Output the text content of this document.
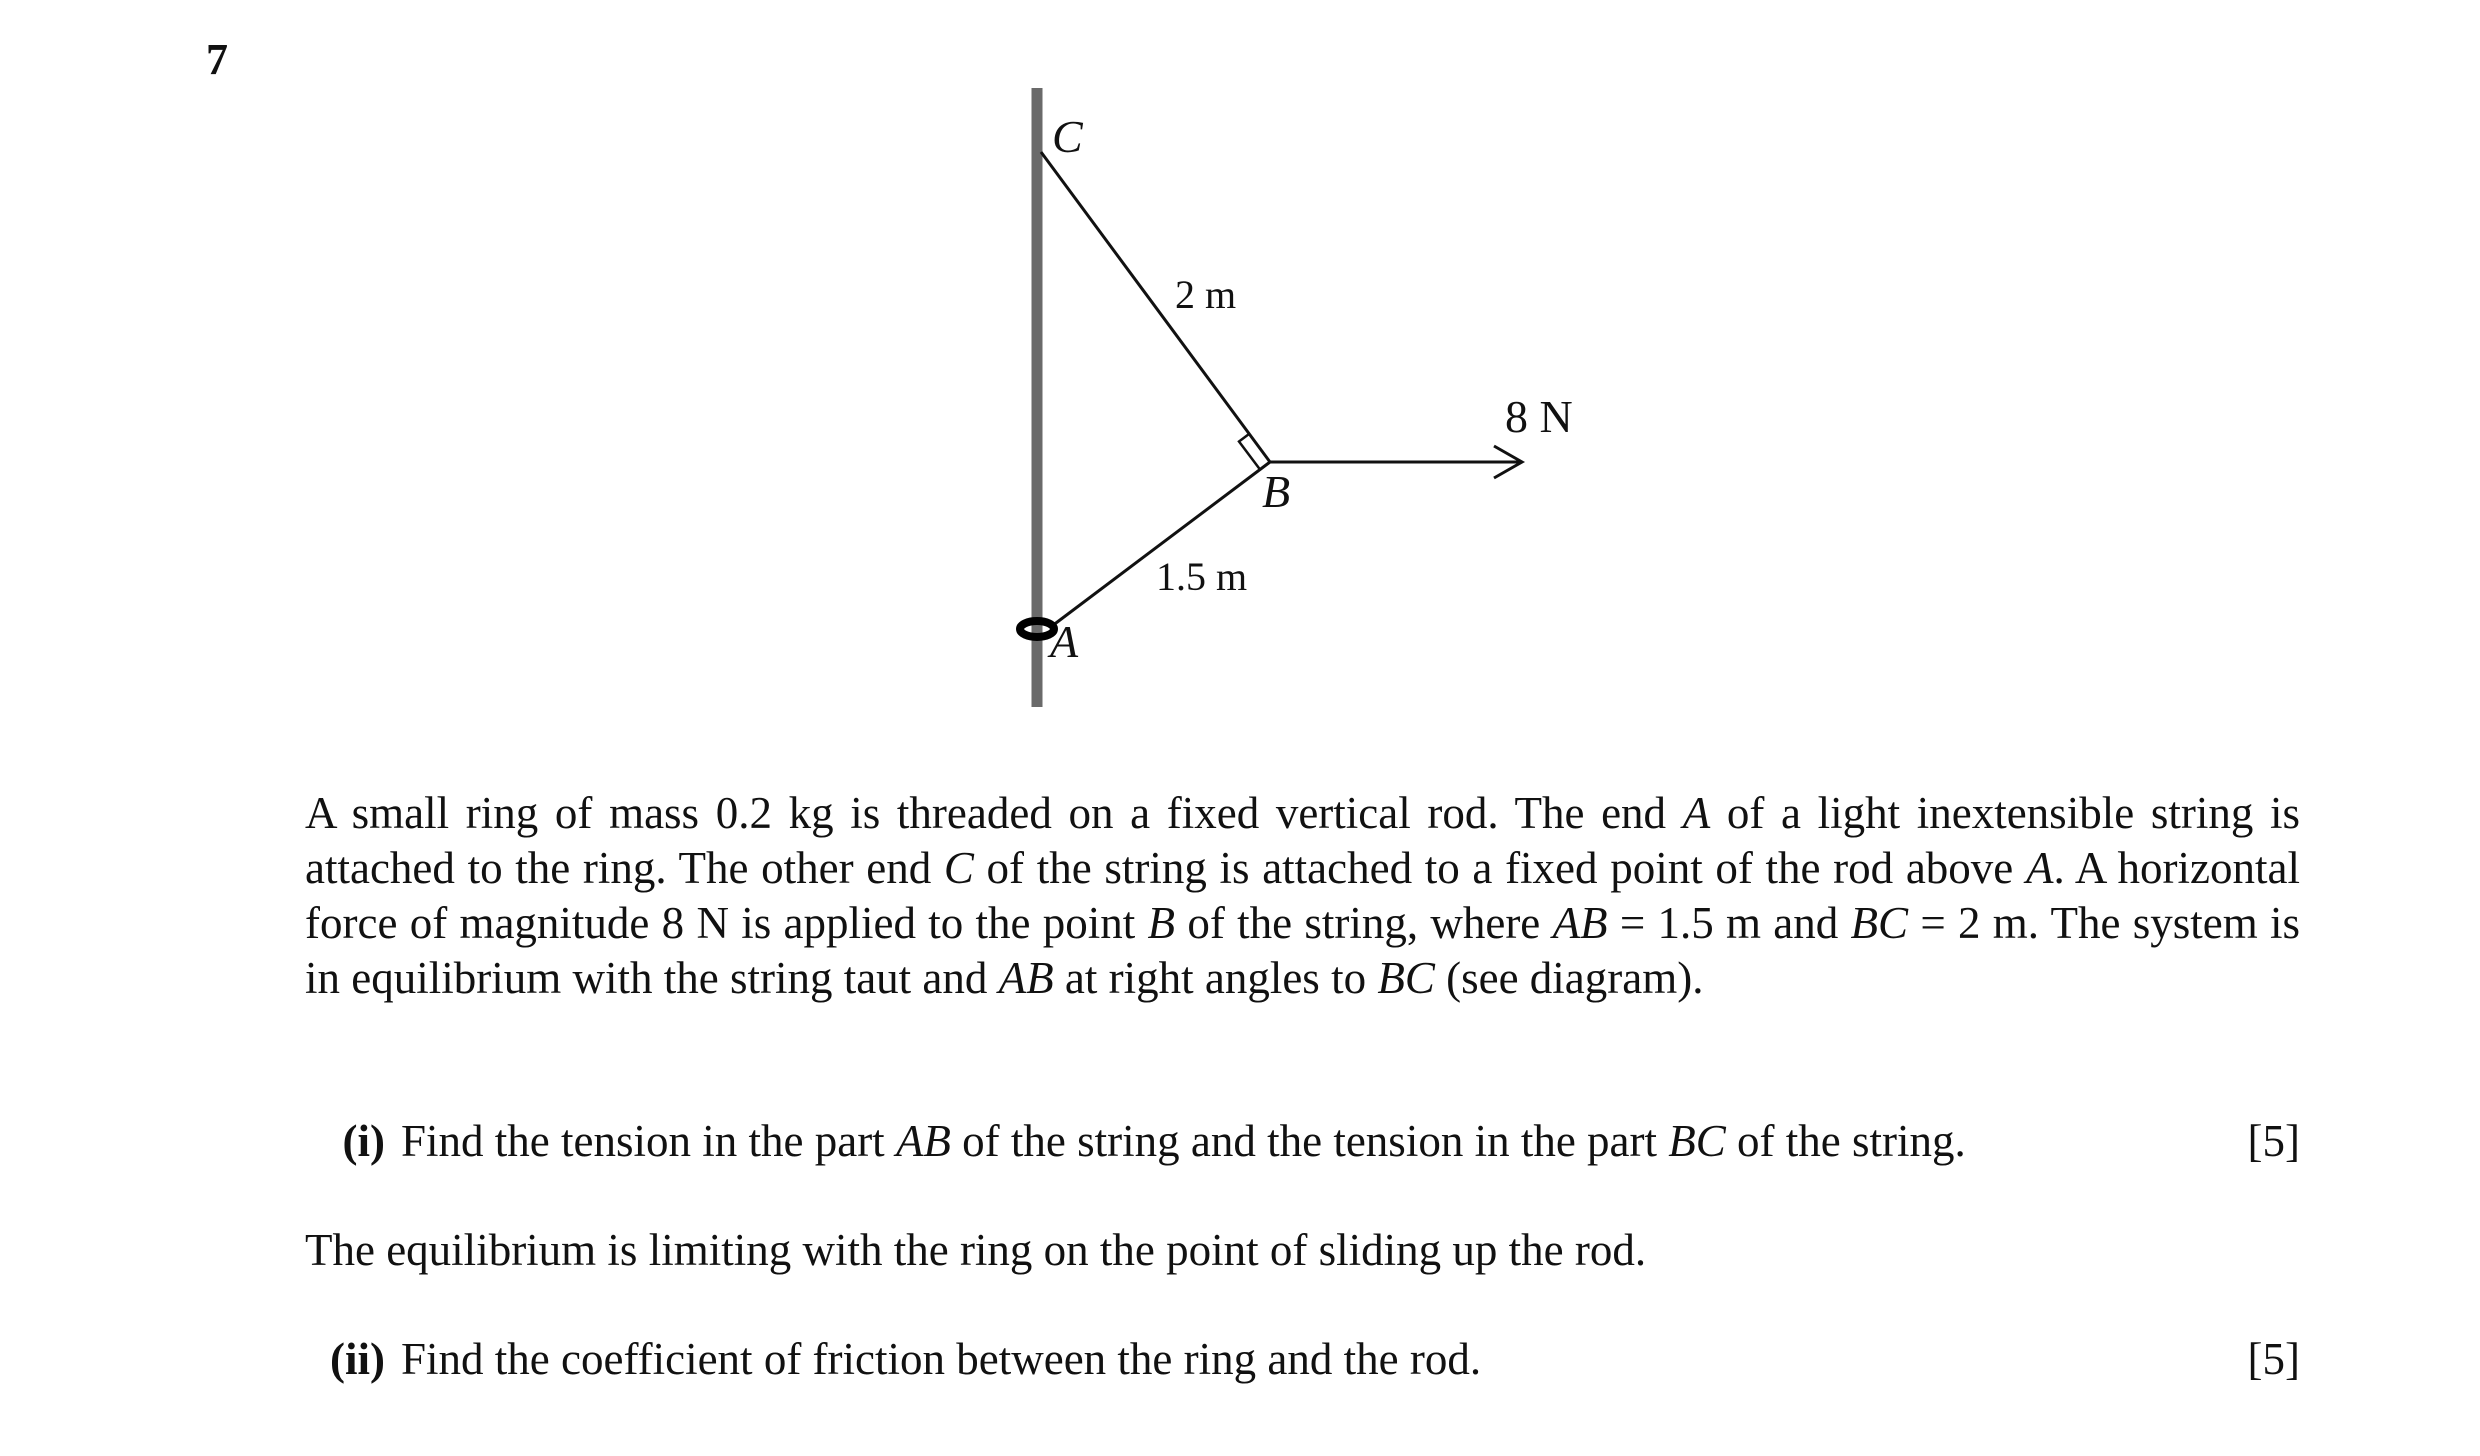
7
C
2 m
8 N
B
1.5 m
A
A small ring of mass 0.2 kg is threaded on a fixed vertical rod. The end A of a light inextensible string is attached to the ring. The other end C of the string is attached to a fixed point of the rod above A. A horizontal force of magnitude 8 N is applied to the point B of the string, where AB = 1.5 m and BC = 2 m. The system is in equilibrium with the string taut and AB at right angles to BC (see diagram).
(i) Find the tension in the part AB of the string and the tension in the part BC of the string.	[5]
The equilibrium is limiting with the ring on the point of sliding up the rod.
(ii) Find the coefficient of friction between the ring and the rod.	[5]
